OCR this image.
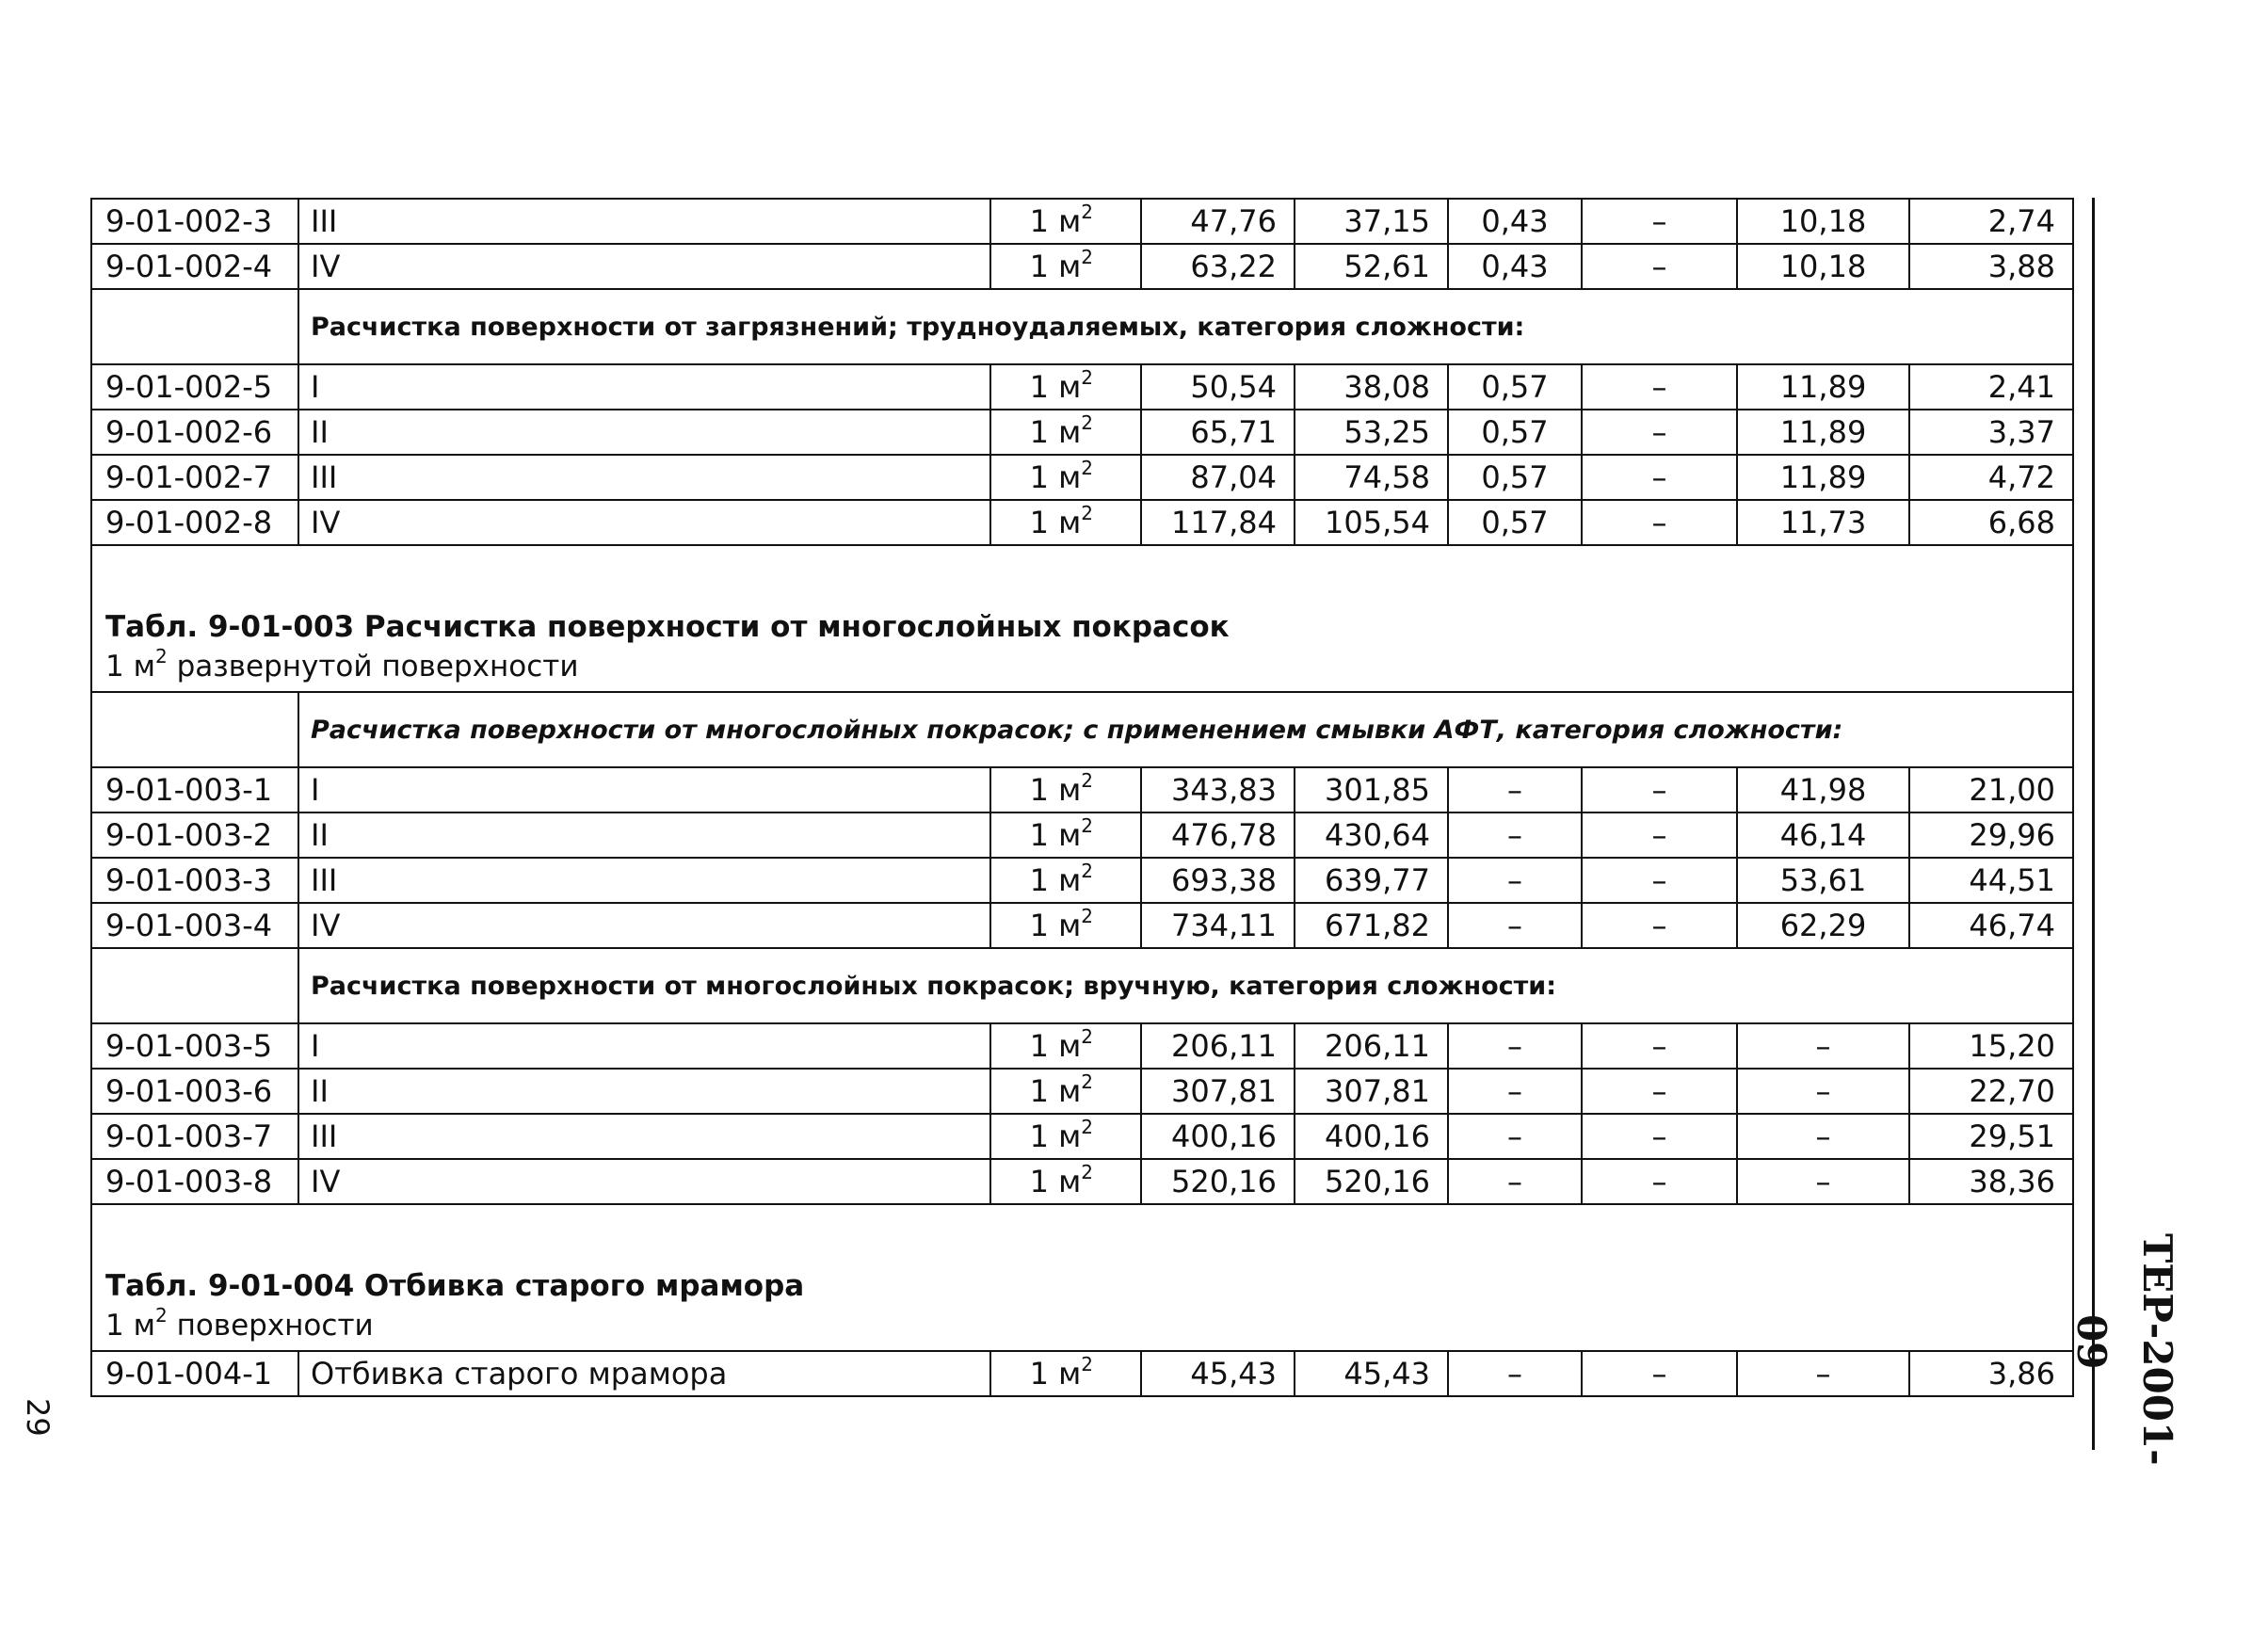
9-01-002-3	III	1 $м^2$	47,76	37,15	0,43	–	10,18	2,74
9-01-002-4	IV	1 $м^2$	63,22	52,61	0,43	–	10,18	3,88
	Расчистка поверхности от загрязнений; трудноудаляемых, категория сложности:							
9-01-002-5	I	1 $м^2$	50,54	38,08	0,57	–	11,89	2,41
9-01-002-6	II	1 $м^2$	65,71	53,25	0,57	–	11,89	3,37
9-01-002-7	III	1 $м^2$	87,04	74,58	0,57	–	11,89	4,72
9-01-002-8	IV	1 $м^2$	117,84	105,54	0,57	–	11,73	6,68

Табл. 9-01-003 Расчистка поверхности от многослойных покрасок
1 $м^2$ развернутой поверхности								

	Расчистка поверхности от многослойных покрасок; с применением смывки АФТ, категория сложности:							
9-01-003-1	I	1 $м^2$	343,83	301,85	–	–	41,98	21,00
9-01-003-2	II	1 $м^2$	476,78	430,64	–	–	46,14	29,96
9-01-003-3	III	1 $м^2$	693,38	639,77	–	–	53,61	44,51
9-01-003-4	IV	1 $м^2$	734,11	671,82	–	–	62,29	46,74
	Расчистка поверхности от многослойных покрасок; вручную, категория сложности:							
9-01-003-5	I	1 $м^2$	206,11	206,11	–	–	–	15,20
9-01-003-6	II	1 $м^2$	307,81	307,81	–	–	–	22,70
9-01-003-7	III	1 $м^2$	400,16	400,16	–	–	–	29,51
9-01-003-8	IV	1 $м^2$	520,16	520,16	–	–	–	38,36

Табл. 9-01-004 Отбивка старого мрамора
1 $м^2$ поверхности								

9-01-004-1	Отбивка старого мрамора	1 $м^2$	45,43	45,43	–	–	–	3,86 ТЕР-2001-09
29
